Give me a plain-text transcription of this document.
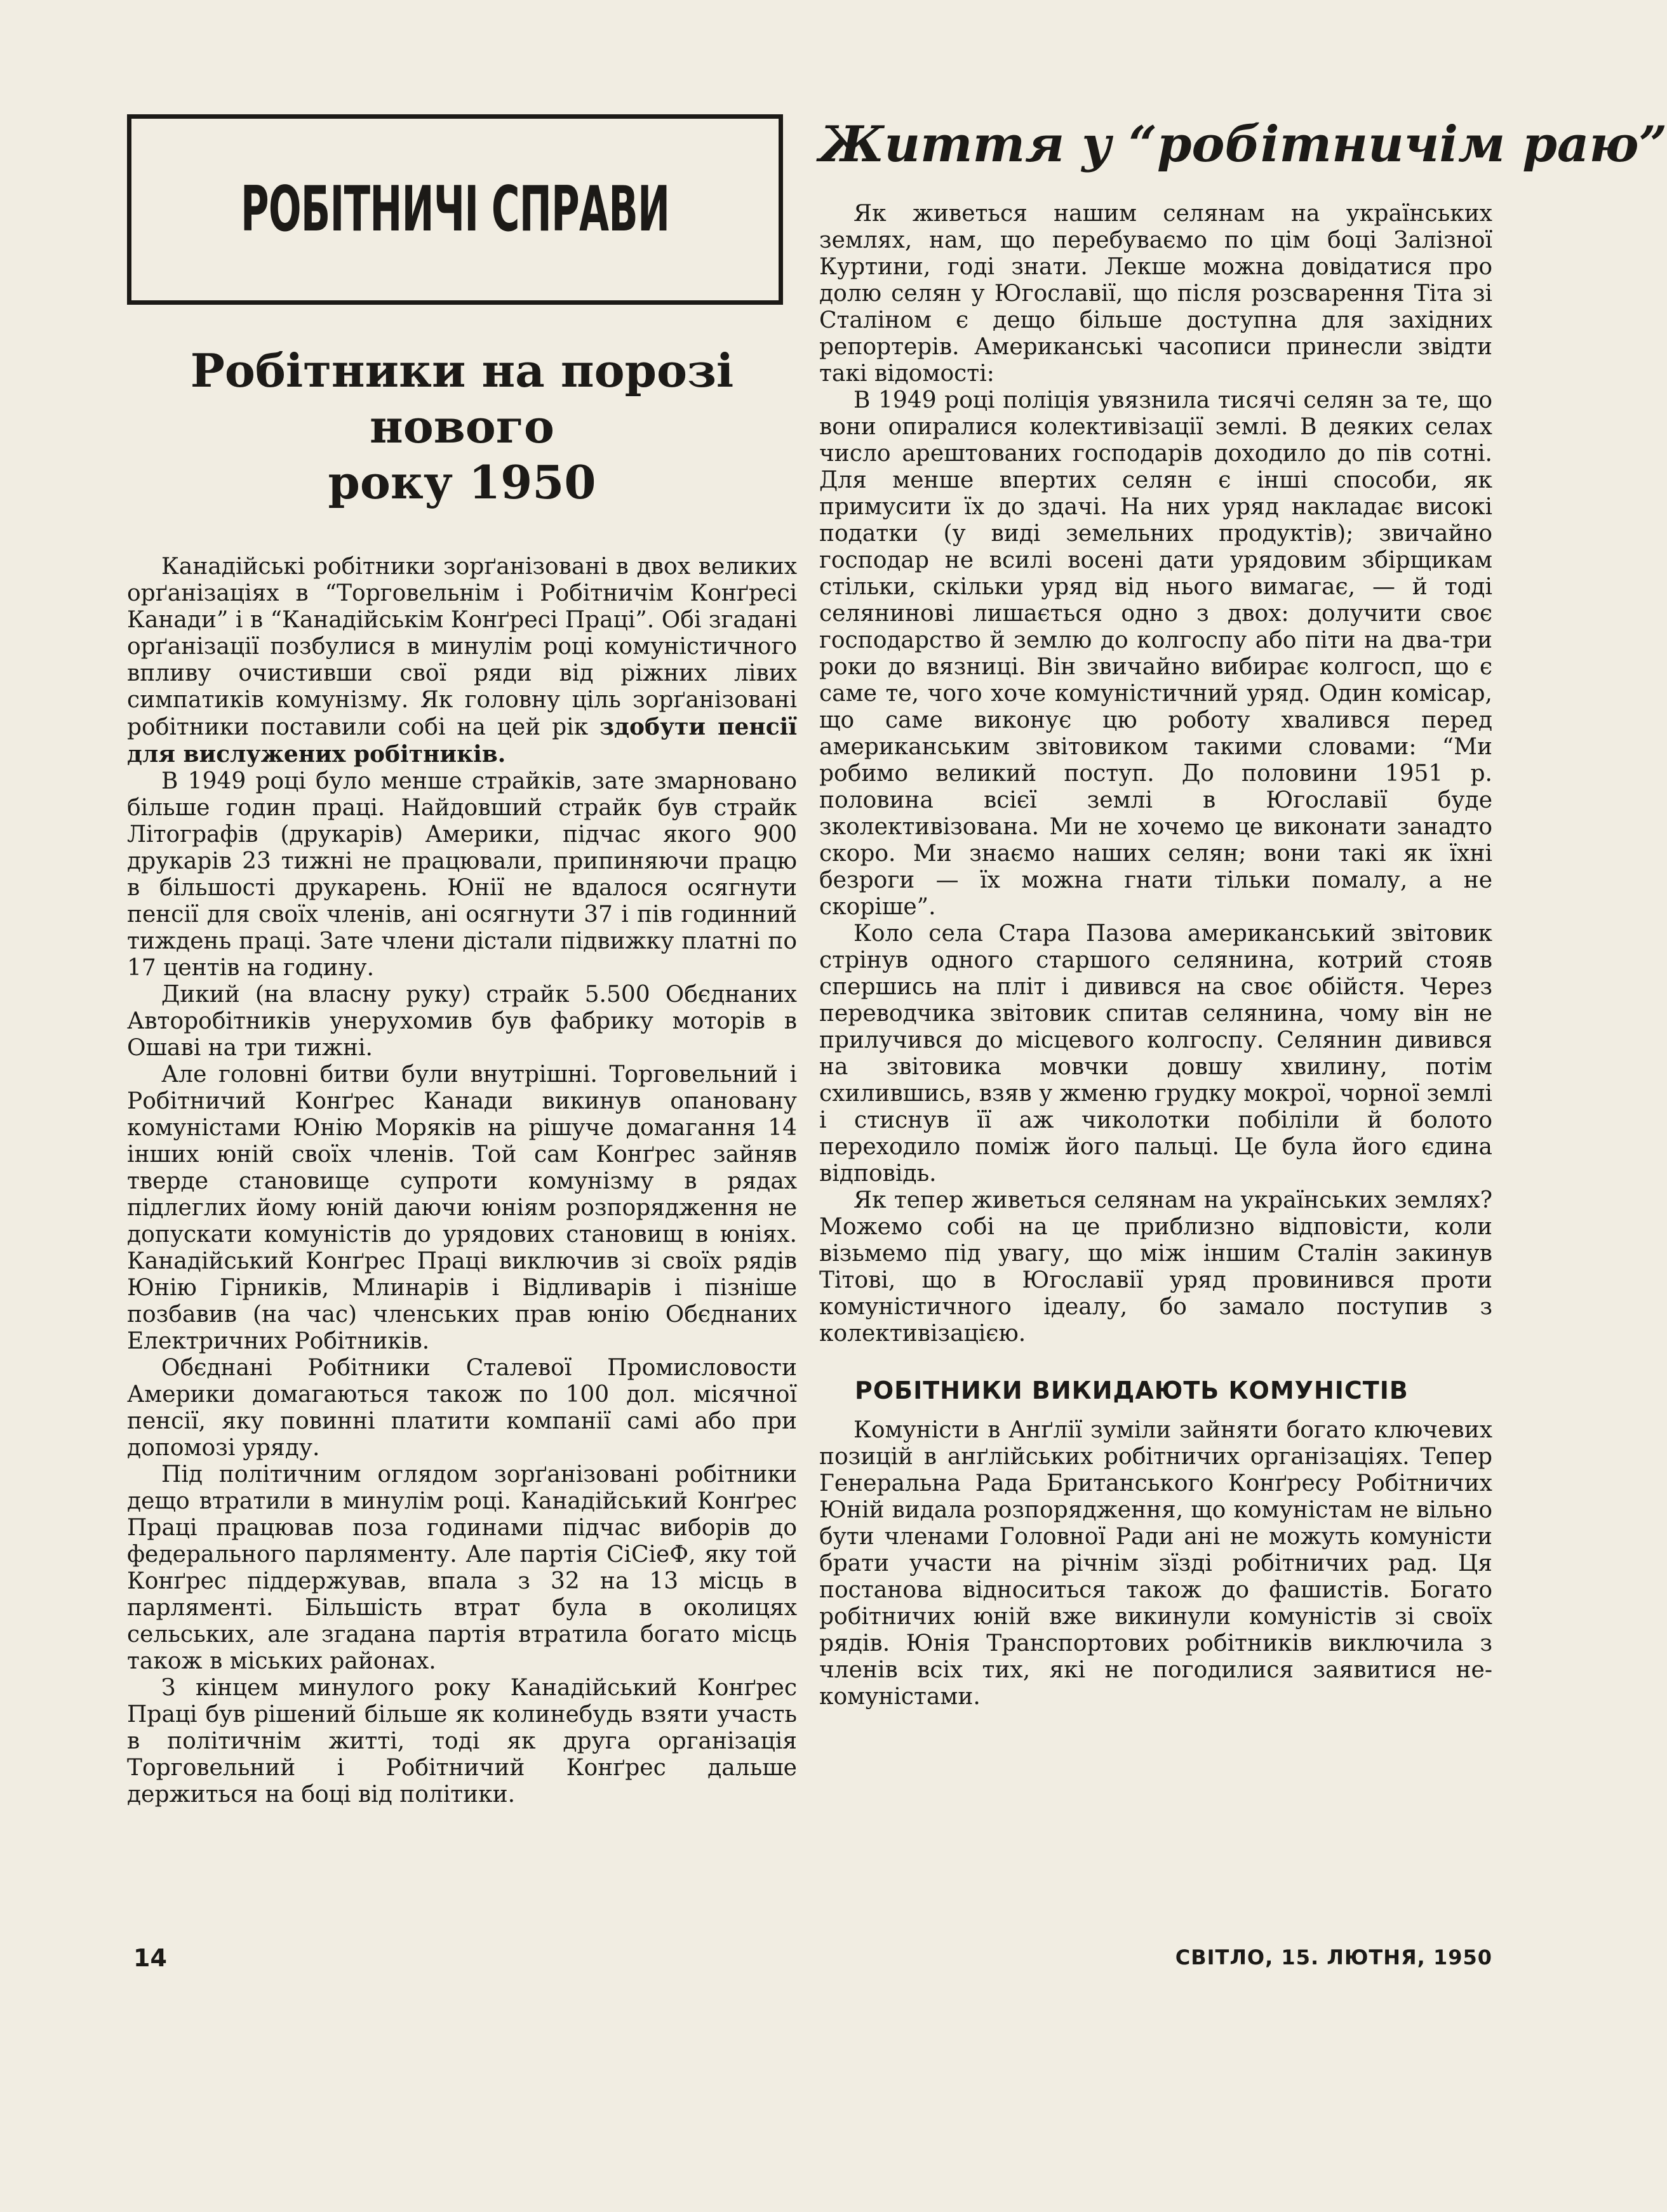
РОБІТНИЧІ СПРАВИ
Робітники на порозі нового
року 1950

Канадійські робітники зорґанізовані в двох великих орґанізаціях в “Торговельнім і Робітничім Конґресі Канади” і в “Канадійськім Конґресі Праці”. Обі згадані орґанізації позбулися в минулім році комуністичного впливу очистивши свої ряди від ріжних лівих симпатиків комунізму. Як головну ціль зорґанізовані робітники поставили собі на цей рік здобути пенсії для вислужених робітників.

В 1949 році було менше страйків, зате змарновано більше годин праці. Найдовший страйк був страйк Літографів (друкарів) Америки, підчас якого 900 друкарів 23 тижні не працювали, припиняючи працю в більшості друкарень. Юнії не вдалося осягнути пенсії для своїх членів, ані осягнути 37 і пів годинний тиждень праці. Зате члени дістали підвижку платні по 17 центів на годину.

Дикий (на власну руку) страйк 5.500 Обєднаних Авторобітників унерухомив був фабрику моторів в Ошаві на три тижні.

Але головні битви були внутрішні. Торговельний і Робітничий Конґрес Канади викинув опановану комуністами Юнію Моряків на рішуче домагання 14 інших юній своїх членів. Той сам Конґрес зайняв тверде становище супроти комунізму в рядах підлеглих йому юній даючи юніям розпорядження не допускати комуністів до урядових становищ в юніях. Канадійський Конґрес Праці виключив зі своїх рядів Юнію Гірників, Млинарів і Відливарів і пізніше позбавив (на час) членських прав юнію Обєднаних Електричних Робітників.

Обєднані Робітники Сталевої Промисловости Америки домагаються також по 100 дол. місячної пенсії, яку повинні платити компанії самі або при допомозі уряду.

Під політичним оглядом зорґанізовані робітники дещо втратили в минулім році. Канадійський Конґрес Праці працював поза годинами підчас виборів до федерального парляменту. Але партія СіСіеФ, яку той Конґрес піддержував, впала з 32 на 13 місць в парляменті. Більшість втрат була в околицях сельських, але згадана партія втратила богато місць також в міських районах.

З кінцем минулого року Канадійський Конґрес Праці був рішений більше як колинебудь взяти участь в політичнім житті, тоді як друга організація Торговельний і Робітничий Конґрес дальше держиться на боці від політики.

Життя у “робітничім раю”

Як живеться нашим селянам на українських землях, нам, що перебуваємо по цім боці Залізної Куртини, годі знати. Лекше можна довідатися про долю селян у Югославії, що після розсварення Тіта зі Сталіном є дещо більше доступна для західних репортерів. Американські часописи принесли звідти такі відомості:

В 1949 році поліція увязнила тисячі селян за те, що вони опиралися колективізації землі. В деяких селах число арештованих господарів доходило до пів сотні. Для менше впертих селян є інші способи, як примусити їх до здачі. На них уряд накладає високі податки (у виді земельних продуктів); звичайно господар не всилі восені дати урядовим збірщикам стільки, скільки уряд від нього вимагає, — й тоді селянинові лишається одно з двох: долучити своє господарство й землю до колгоспу або піти на два-три роки до вязниці. Він звичайно вибирає колгосп, що є саме те, чого хоче комуністичний уряд. Один комісар, що саме виконує цю роботу хвалився перед американським звітовиком такими словами: “Ми робимо великий поступ. До половини 1951 р. половина всієї землі в Югославії буде зколективізована. Ми не хочемо це виконати занадто скоро. Ми знаємо наших селян; вони такі як їхні безроги — їх можна гнати тільки помалу, а не скоріше”.

Коло села Стара Пазова американський звітовик стрінув одного старшого селянина, котрий стояв спершись на пліт і дивився на своє обійстя. Через переводчика звітовик спитав селянина, чому він не прилучився до місцевого колгоспу. Селянин дивився на звітовика мовчки довшу хвилину, потім схилившись, взяв у жменю грудку мокрої, чорної землі і стиснув її аж чиколотки побіліли й болото переходило поміж його пальці. Це була його єдина відповідь.

Як тепер живеться селянам на українських землях? Можемо собі на це приблизно відповісти, коли візьмемо під увагу, що між іншим Сталін закинув Тітові, що в Югославії уряд провинився проти комуністичного ідеалу, бо замало поступив з колективізацією.

РОБІТНИКИ ВИКИДАЮТЬ КОМУНІСТІВ

Комуністи в Анґлії зуміли зайняти богато ключевих позицій в анґлійських робітничих організаціях. Тепер Генеральна Рада Британського Конґресу Робітничих Юній видала розпорядження, що комуністам не вільно бути членами Головної Ради ані не можуть комуністи брати участи на річнім зїзді робітничих рад. Ця постанова відноситься також до фашистів. Богато робітничих юній вже викинули комуністів зі своїх рядів. Юнія Транспортових робітників виключила з членів всіх тих, які не погодилися заявитися не-комуністами.

14	СВІТЛО, 15. ЛЮТНЯ, 1950
